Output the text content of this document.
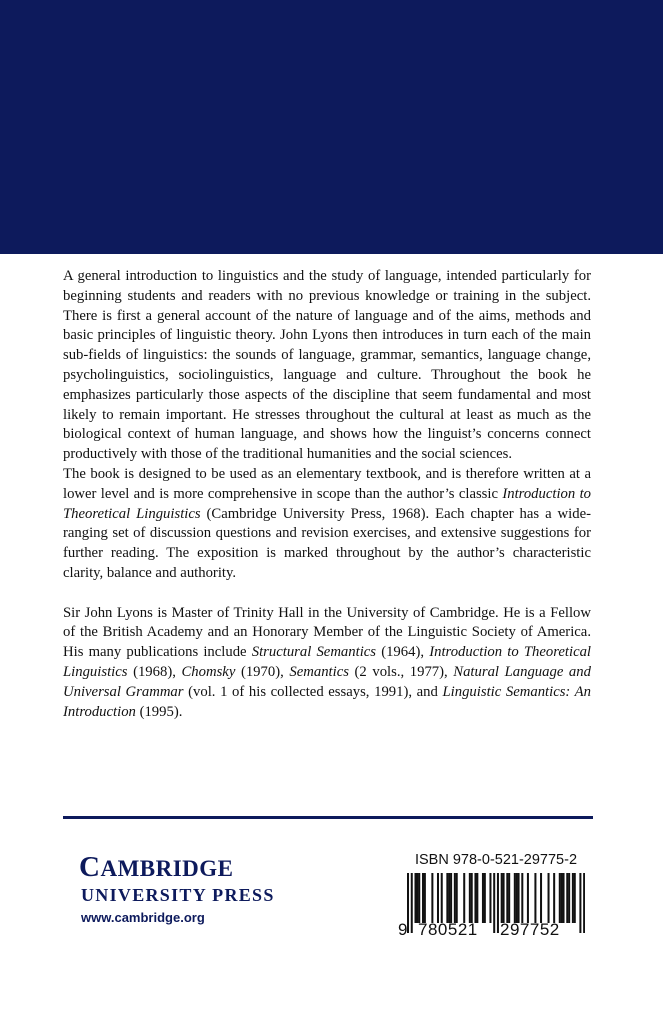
A general introduction to linguistics and the study of language, intended particularly for beginning students and readers with no previous knowledge or training in the subject. There is first a general account of the nature of language and of the aims, methods and basic principles of linguistic theory. John Lyons then introduces in turn each of the main sub-fields of linguistics: the sounds of language, grammar, semantics, language change, psycholinguistics, sociolinguistics, language and culture. Throughout the book he emphasizes particularly those aspects of the discipline that seem fundamental and most likely to remain important. He stresses throughout the cultural at least as much as the biological context of human language, and shows how the linguist’s concerns connect productively with those of the traditional humanities and the social sciences.

The book is designed to be used as an elementary textbook, and is therefore written at a lower level and is more comprehensive in scope than the author’s classic Introduction to Theoretical Linguistics (Cambridge University Press, 1968). Each chapter has a wide-ranging set of discussion questions and revision exercises, and extensive suggestions for further reading. The exposition is marked throughout by the author’s characteristic clarity, balance and authority.

Sir John Lyons is Master of Trinity Hall in the University of Cambridge. He is a Fellow of the British Academy and an Honorary Member of the Linguistic Society of America. His many publications include Structural Semantics (1964), Introduction to Theoretical Linguistics (1968), Chomsky (1970), Semantics (2 vols., 1977), Natural Language and Universal Grammar (vol. 1 of his collected essays, 1991), and Linguistic Semantics: An Introduction (1995).

CAMBRIDGE
UNIVERSITY PRESS
www.cambridge.org
ISBN 978-0-521-29775-2
9 780521 297752
